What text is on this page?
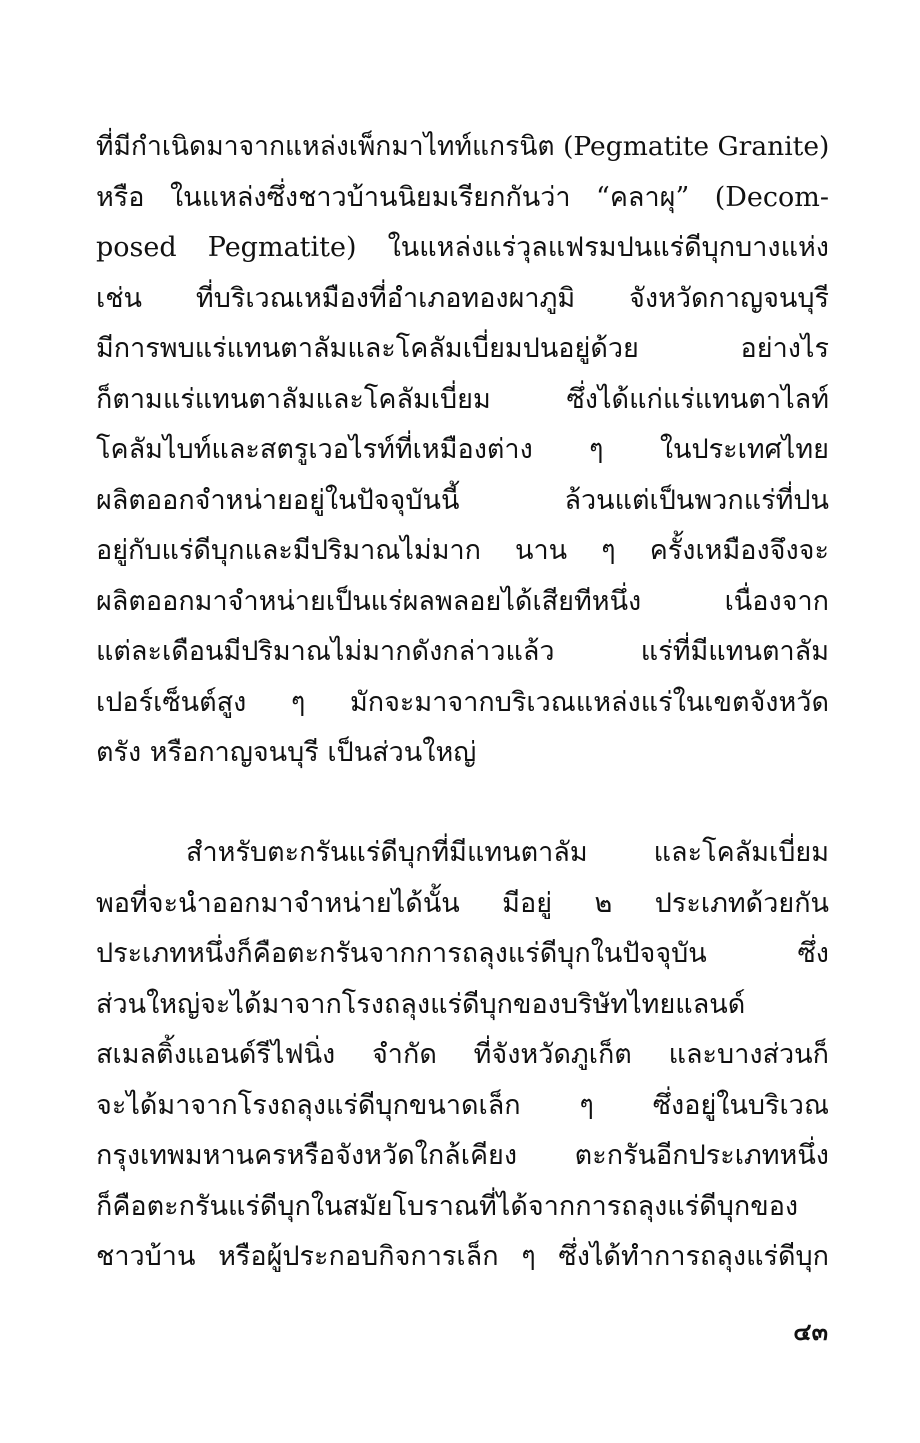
ที่มีกำเนิดมาจากแหล่งเพ็กมาไทท์แกรนิต (Pegmatite Granite)
หรือ ในแหล่งซึ่งชาวบ้านนิยมเรียกกันว่า “คลาผุ” (Decom-
posed Pegmatite) ในแหล่งแร่วุลแฟรมปนแร่ดีบุกบางแห่ง
เช่น ที่บริเวณเหมืองที่อำเภอทองผาภูมิ จังหวัดกาญจนบุรี
มีการพบแร่แทนตาลัมและโคลัมเบี่ยมปนอยู่ด้วย อย่างไร
ก็ตามแร่แทนตาลัมและโคลัมเบี่ยม ซึ่งได้แก่แร่แทนตาไลท์
โคลัมไบท์และสตรูเวอไรท์ที่เหมืองต่าง ๆ ในประเทศไทย
ผลิตออกจำหน่ายอยู่ในปัจจุบันนี้ ล้วนแต่เป็นพวกแร่ที่ปน
อยู่กับแร่ดีบุกและมีปริมาณไม่มาก นาน ๆ ครั้งเหมืองจึงจะ
ผลิตออกมาจำหน่ายเป็นแร่ผลพลอยได้เสียทีหนึ่ง เนื่องจาก
แต่ละเดือนมีปริมาณไม่มากดังกล่าวแล้ว แร่ที่มีแทนตาลัม
เปอร์เซ็นต์สูง ๆ มักจะมาจากบริเวณแหล่งแร่ในเขตจังหวัด
ตรัง หรือกาญจนบุรี เป็นส่วนใหญ่
สำหรับตะกรันแร่ดีบุกที่มีแทนตาลัม และโคลัมเบี่ยม
พอที่จะนำออกมาจำหน่ายได้นั้น มีอยู่ ๒ ประเภทด้วยกัน
ประเภทหนึ่งก็คือตะกรันจากการถลุงแร่ดีบุกในปัจจุบัน ซึ่ง
ส่วนใหญ่จะได้มาจากโรงถลุงแร่ดีบุกของบริษัทไทยแลนด์
สเมลติ้งแอนด์รีไฟนิ่ง จำกัด ที่จังหวัดภูเก็ต และบางส่วนก็
จะได้มาจากโรงถลุงแร่ดีบุกขนาดเล็ก ๆ ซึ่งอยู่ในบริเวณ
กรุงเทพมหานครหรือจังหวัดใกล้เคียง ตะกรันอีกประเภทหนึ่ง
ก็คือตะกรันแร่ดีบุกในสมัยโบราณที่ได้จากการถลุงแร่ดีบุกของ
ชาวบ้าน หรือผู้ประกอบกิจการเล็ก ๆ ซึ่งได้ทำการถลุงแร่ดีบุก
๔๓
